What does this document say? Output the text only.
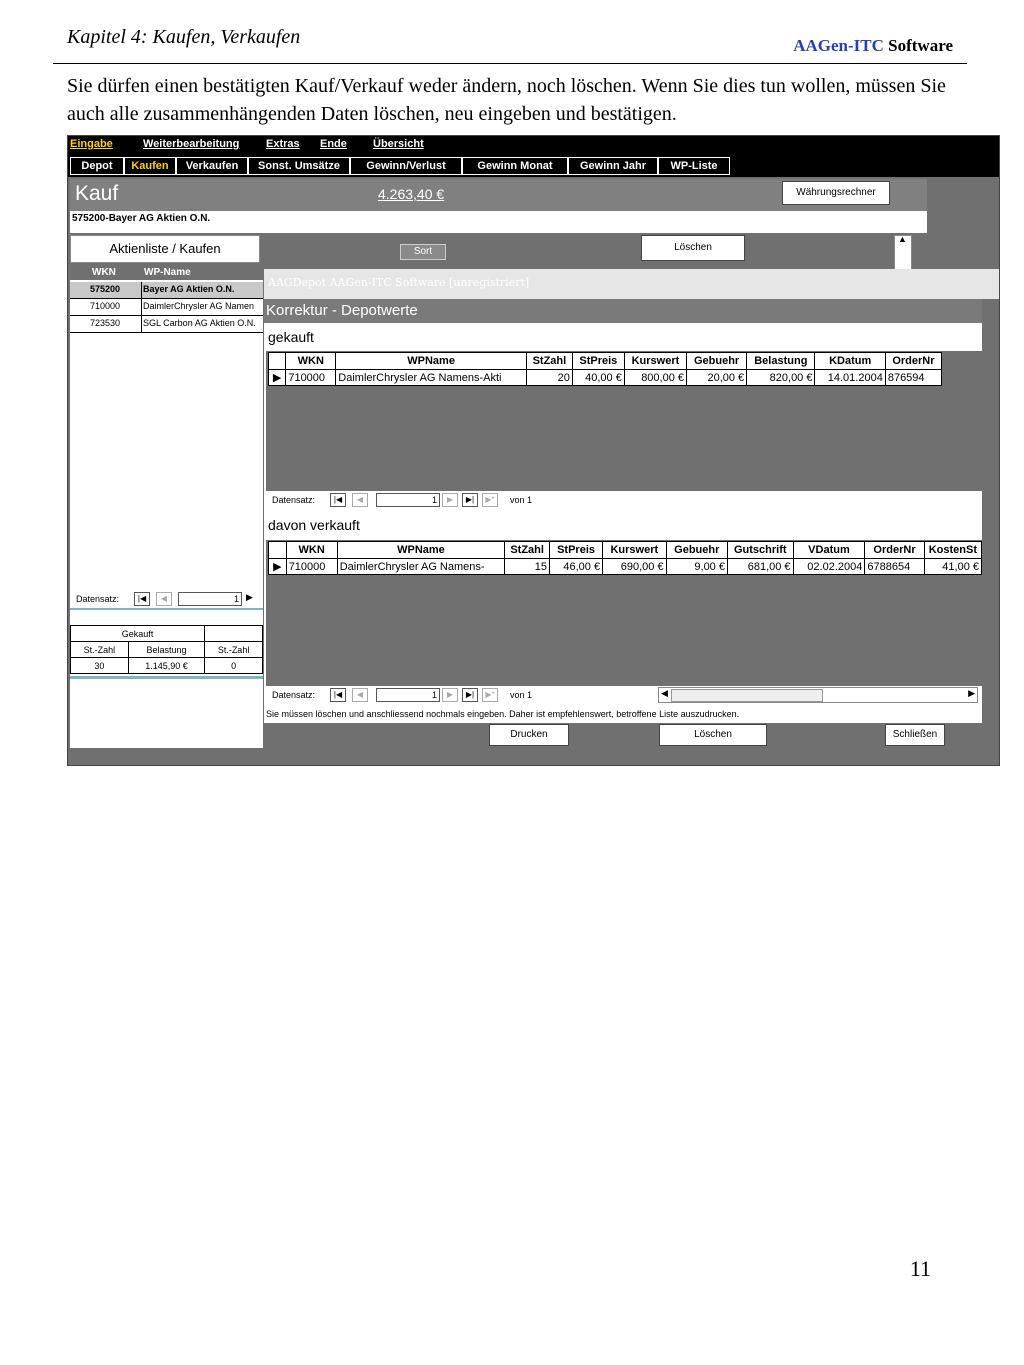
Kapitel 4: Kaufen, Verkaufen	AAGen-ITC Software
Sie dürfen einen bestätigten Kauf/Verkauf weder ändern, noch löschen. Wenn Sie dies tun wollen, müssen Sie auch alle zusammenhängenden Daten löschen, neu eingeben und bestätigen.
Eingabe	Weiterbearbeitung Extras Ende Übersicht
Depot	Kaufen	Verkaufen	Sonst. Umsätze	Gewinn/Verlust	Gewinn Monat	Gewinn Jahr	WP-Liste
Kauf	4.263,40 €	Währungsrechner
575200-Bayer AG Aktien O.N.
Aktienliste / Kaufen	Sort	Löschen
▲
WKN	WP-Name
575200	Bayer AG Aktien O.N.
710000	DaimlerChrysler AG Namen
723530	SGL Carbon AG Aktien O.N.
Datensatz:	|◀	◀	1 ▶
Gekauft		
St.-Zahl	Belastung	St.-Zahl
30	1.145,90 €	0
AAGDepot AAGen-ITC Software [unregistriert]
Korrektur - Depotwerte
gekauft
	WKN	WPName	StZahl	StPreis	Kurswert	Gebuehr	Belastung	KDatum	OrderNr
▶	710000	DaimlerChrysler AG Namens-Akti	20	40,00 €	800,00 €	20,00 €	820,00 €	14.01.2004	876594
Datensatz:	|◀	◀	1	▶	▶|	▶*	von 1
davon verkauft
	WKN	WPName	StZahl	StPreis	Kurswert	Gebuehr	Gutschrift	VDatum	OrderNr	KostenSt
▶	710000	DaimlerChrysler AG Namens-	15	46,00 €	690,00 €	9,00 €	681,00 €	02.02.2004	6788654	41,00 €
Datensatz:	|◀	◀	1	▶	▶|	▶*	von 1	◀	▶
Sie müssen löschen und anschliessend nochmals eingeben. Daher ist empfehlenswert, betroffene Liste auszudrucken.
Drucken	Löschen	Schließen
11
